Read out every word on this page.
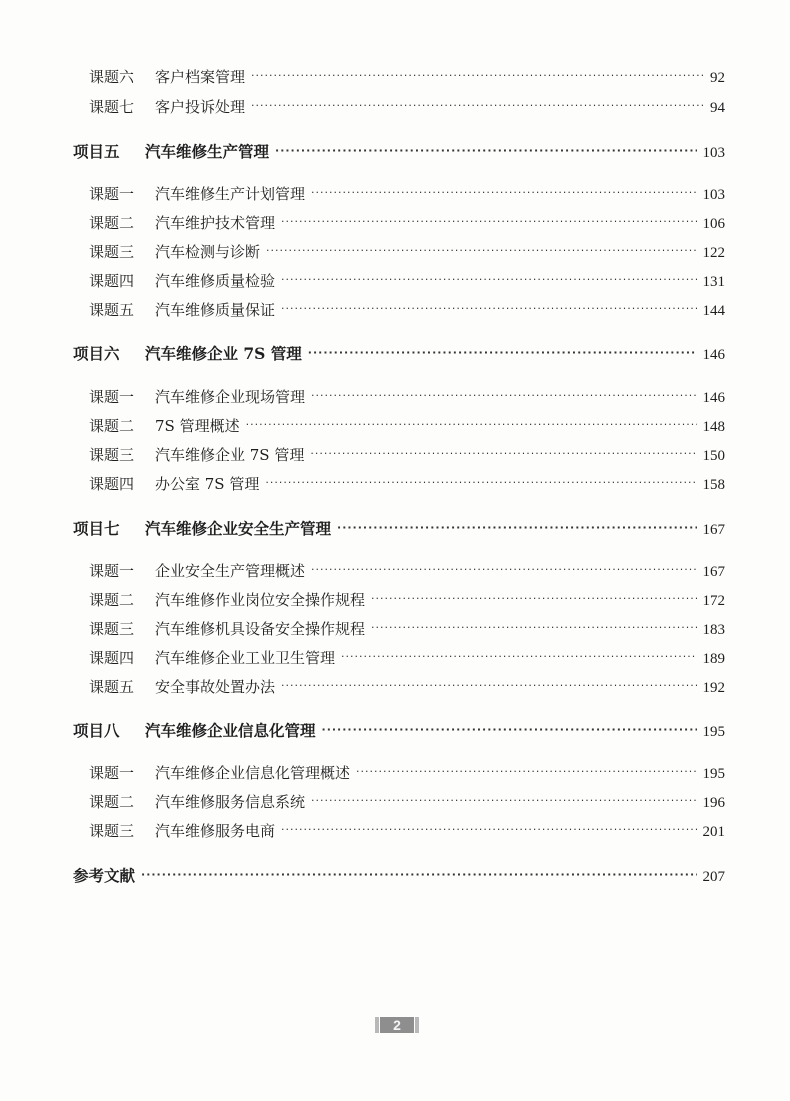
课题六	客户档案管理 ·····	92
课题七	客户投诉处理 ·····	94
项目五	汽车维修生产管理 ·····	103
课题一	汽车维修生产计划管理 ·····	103
课题二	汽车维护技术管理 ·····	106
课题三	汽车检测与诊断 ·····	122
课题四	汽车维修质量检验 ·····	131
课题五	汽车维修质量保证 ·····	144
项目六	汽车维修企业 7S 管理 ·····	146
课题一	汽车维修企业现场管理 ·····	146
课题二	7S 管理概述 ·····	148
课题三	汽车维修企业 7S 管理 ·····	150
课题四	办公室 7S 管理 ·····	158
项目七	汽车维修企业安全生产管理 ·····	167
课题一	企业安全生产管理概述 ·····	167
课题二	汽车维修作业岗位安全操作规程 ·····	172
课题三	汽车维修机具设备安全操作规程 ·····	183
课题四	汽车维修企业工业卫生管理 ·····	189
课题五	安全事故处置办法 ·····	192
项目八	汽车维修企业信息化管理 ·····	195
课题一	汽车维修企业信息化管理概述 ·····	195
课题二	汽车维修服务信息系统 ·····	196
课题三	汽车维修服务电商 ·····	201
参考文献 ·····	207
2
